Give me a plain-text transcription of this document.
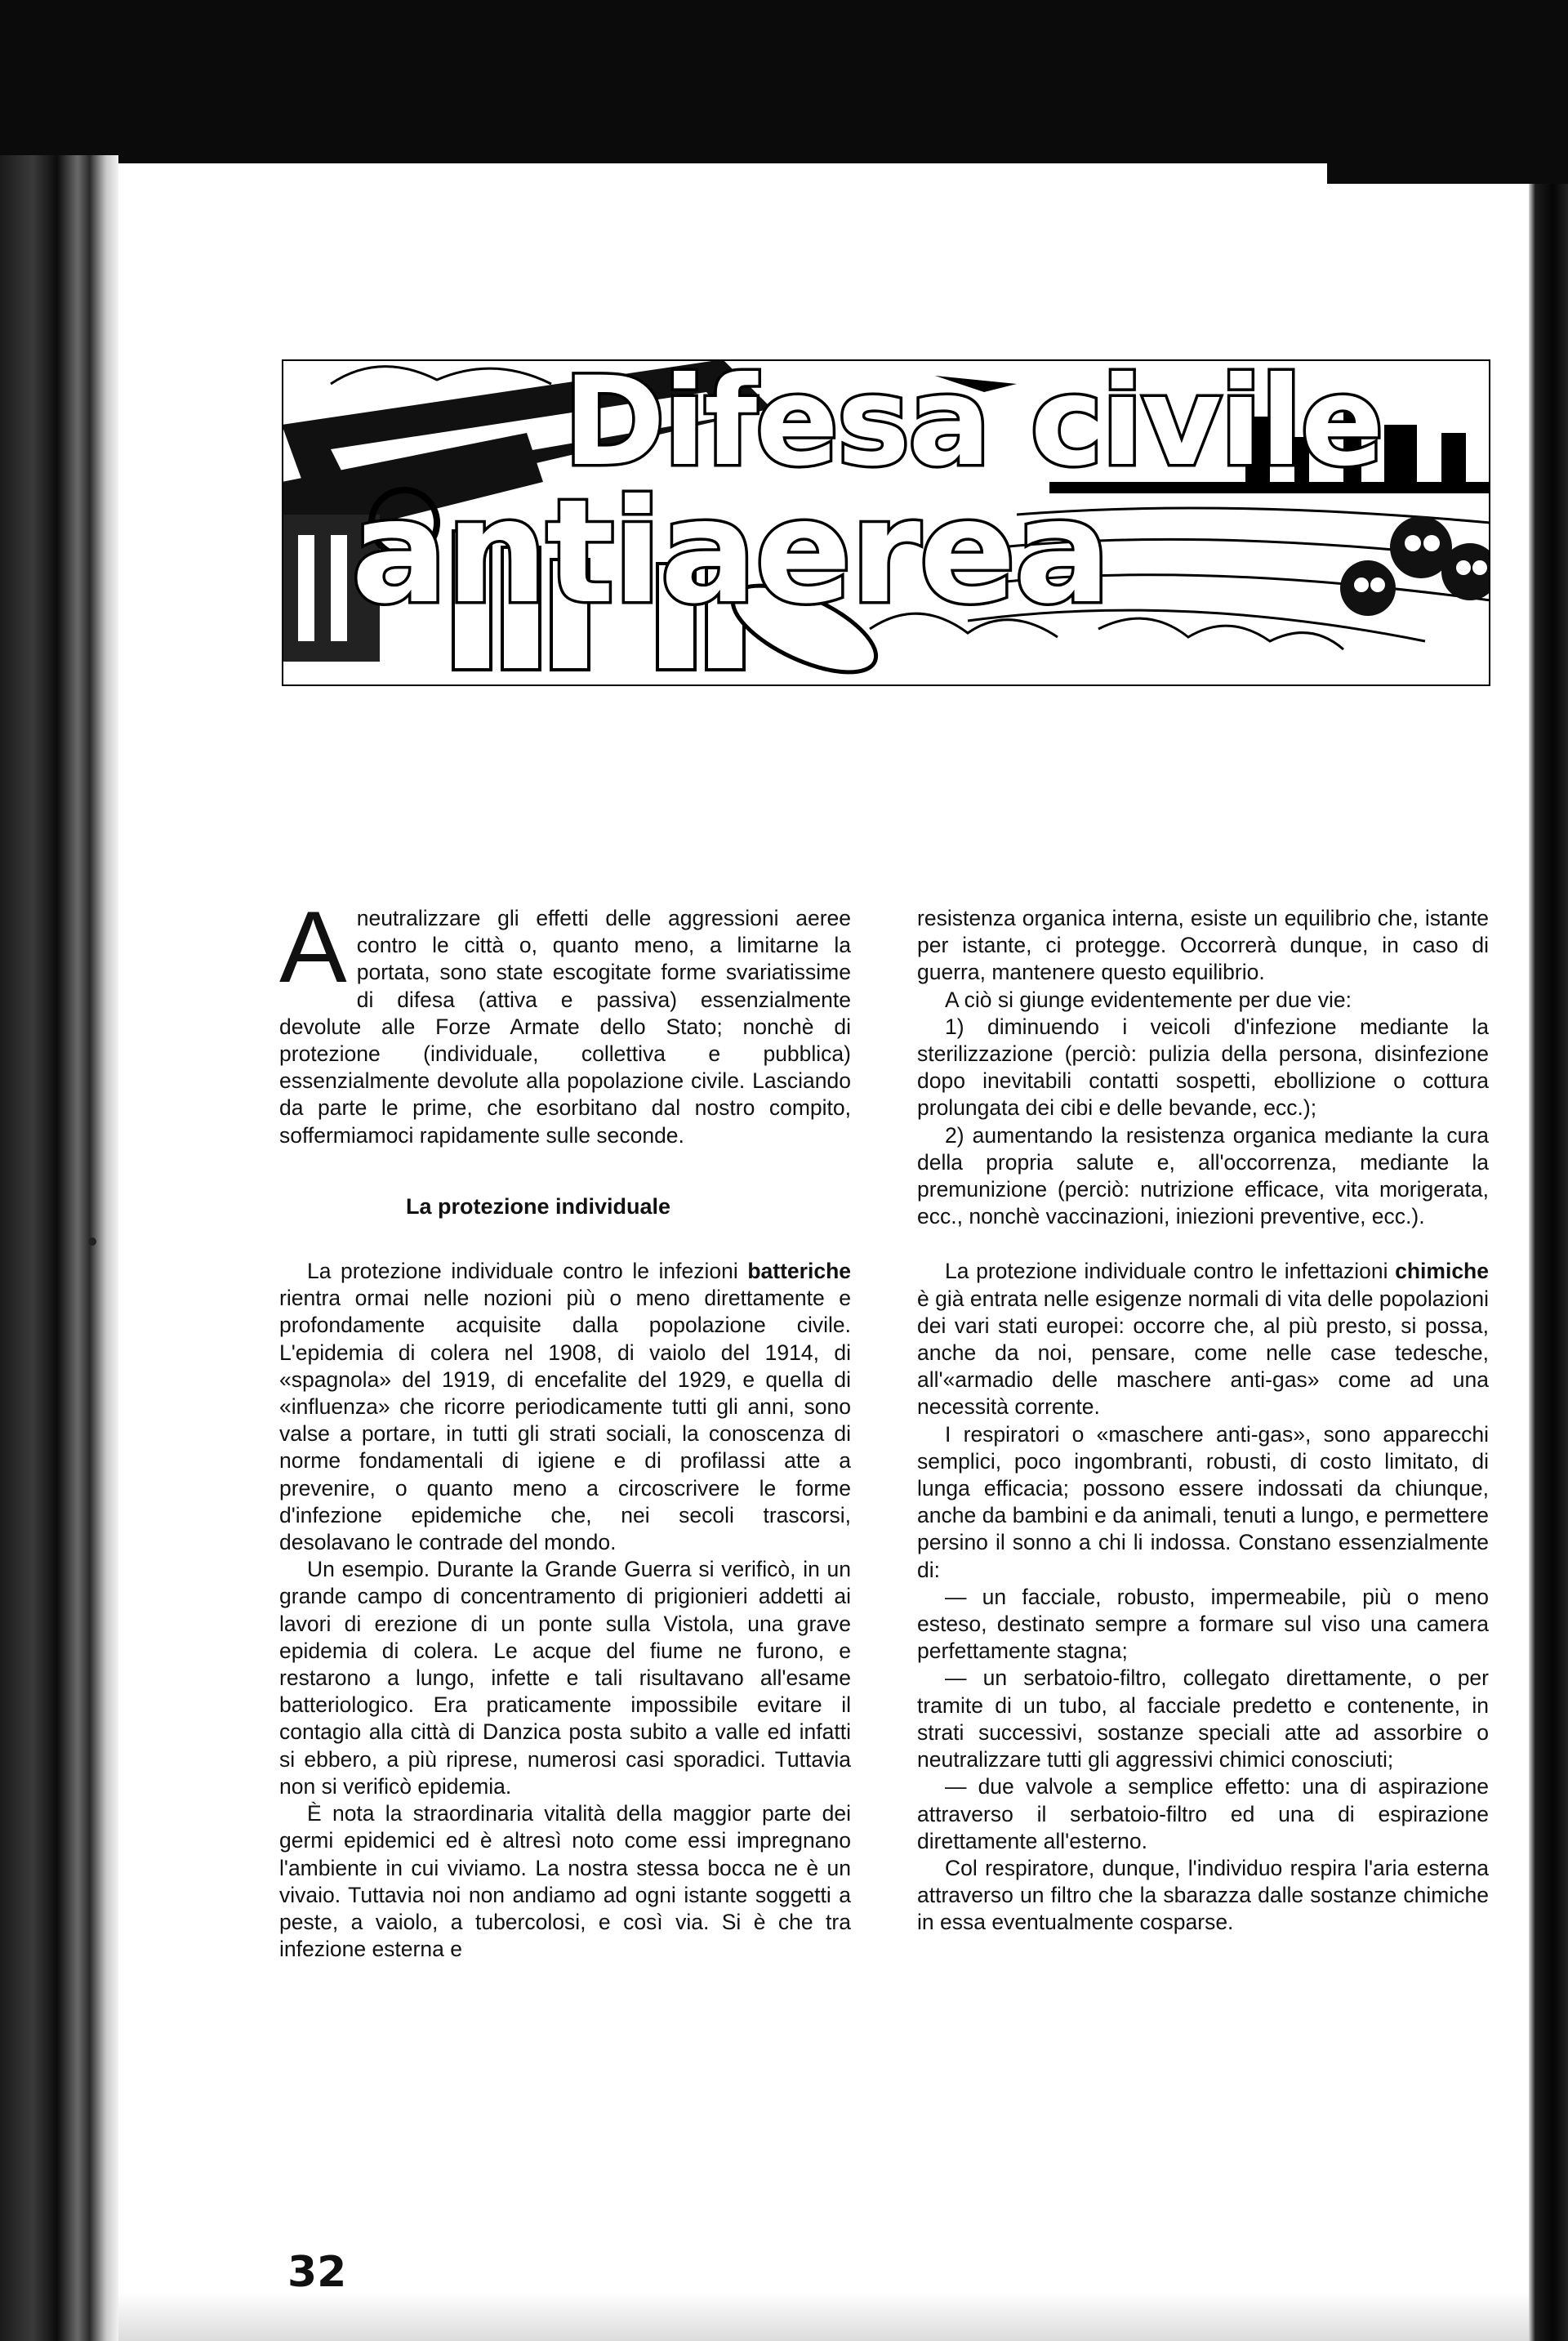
Difesa civile
antiaerea

A neutralizzare gli effetti delle aggressioni aeree contro le città o, quanto meno, a limitarne la portata, sono state escogitate forme svariatissime di difesa (attiva e passiva) essenzialmente devolute alle Forze Armate dello Stato; nonchè di protezione (individuale, collettiva e pubblica) essenzialmente devolute alla popolazione civile. Lasciando da parte le prime, che esorbitano dal nostro compito, soffermiamoci rapidamente sulle seconde.

La protezione individuale

La protezione individuale contro le infezioni batteriche rientra ormai nelle nozioni più o meno direttamente e profondamente acquisite dalla popolazione civile. L'epidemia di colera nel 1908, di vaiolo del 1914, di «spagnola» del 1919, di encefalite del 1929, e quella di «influenza» che ricorre periodicamente tutti gli anni, sono valse a portare, in tutti gli strati sociali, la conoscenza di norme fondamentali di igiene e di profilassi atte a prevenire, o quanto meno a circoscrivere le forme d'infezione epidemiche che, nei secoli trascorsi, desolavano le contrade del mondo.

Un esempio. Durante la Grande Guerra si verificò, in un grande campo di concentramento di prigionieri addetti ai lavori di erezione di un ponte sulla Vistola, una grave epidemia di colera. Le acque del fiume ne furono, e restarono a lungo, infette e tali risultavano all'esame batteriologico. Era praticamente impossibile evitare il contagio alla città di Danzica posta subito a valle ed infatti si ebbero, a più riprese, numerosi casi sporadici. Tuttavia non si verificò epidemia.

È nota la straordinaria vitalità della maggior parte dei germi epidemici ed è altresì noto come essi impregnano l'ambiente in cui viviamo. La nostra stessa bocca ne è un vivaio. Tuttavia noi non andiamo ad ogni istante soggetti a peste, a vaiolo, a tubercolosi, e così via. Si è che tra infezione esterna e

resistenza organica interna, esiste un equilibrio che, istante per istante, ci protegge. Occorrerà dunque, in caso di guerra, mantenere questo equilibrio.

A ciò si giunge evidentemente per due vie:

1) diminuendo i veicoli d'infezione mediante la sterilizzazione (perciò: pulizia della persona, disinfezione dopo inevitabili contatti sospetti, ebollizione o cottura prolungata dei cibi e delle bevande, ecc.);

2) aumentando la resistenza organica mediante la cura della propria salute e, all'occorrenza, mediante la premunizione (perciò: nutrizione efficace, vita morigerata, ecc., nonchè vaccinazioni, iniezioni preventive, ecc.).

La protezione individuale contro le infettazioni chimiche è già entrata nelle esigenze normali di vita delle popolazioni dei vari stati europei: occorre che, al più presto, si possa, anche da noi, pensare, come nelle case tedesche, all'«armadio delle maschere anti-gas» come ad una necessità corrente.

I respiratori o «maschere anti-gas», sono apparecchi semplici, poco ingombranti, robusti, di costo limitato, di lunga efficacia; possono essere indossati da chiunque, anche da bambini e da animali, tenuti a lungo, e permettere persino il sonno a chi li indossa. Constano essenzialmente di:

— un facciale, robusto, impermeabile, più o meno esteso, destinato sempre a formare sul viso una camera perfettamente stagna;

— un serbatoio-filtro, collegato direttamente, o per tramite di un tubo, al facciale predetto e contenente, in strati successivi, sostanze speciali atte ad assorbire o neutralizzare tutti gli aggressivi chimici conosciuti;

— due valvole a semplice effetto: una di aspirazione attraverso il serbatoio-filtro ed una di espirazione direttamente all'esterno.

Col respiratore, dunque, l'individuo respira l'aria esterna attraverso un filtro che la sbarazza dalle sostanze chimiche in essa eventualmente cosparse.

32
